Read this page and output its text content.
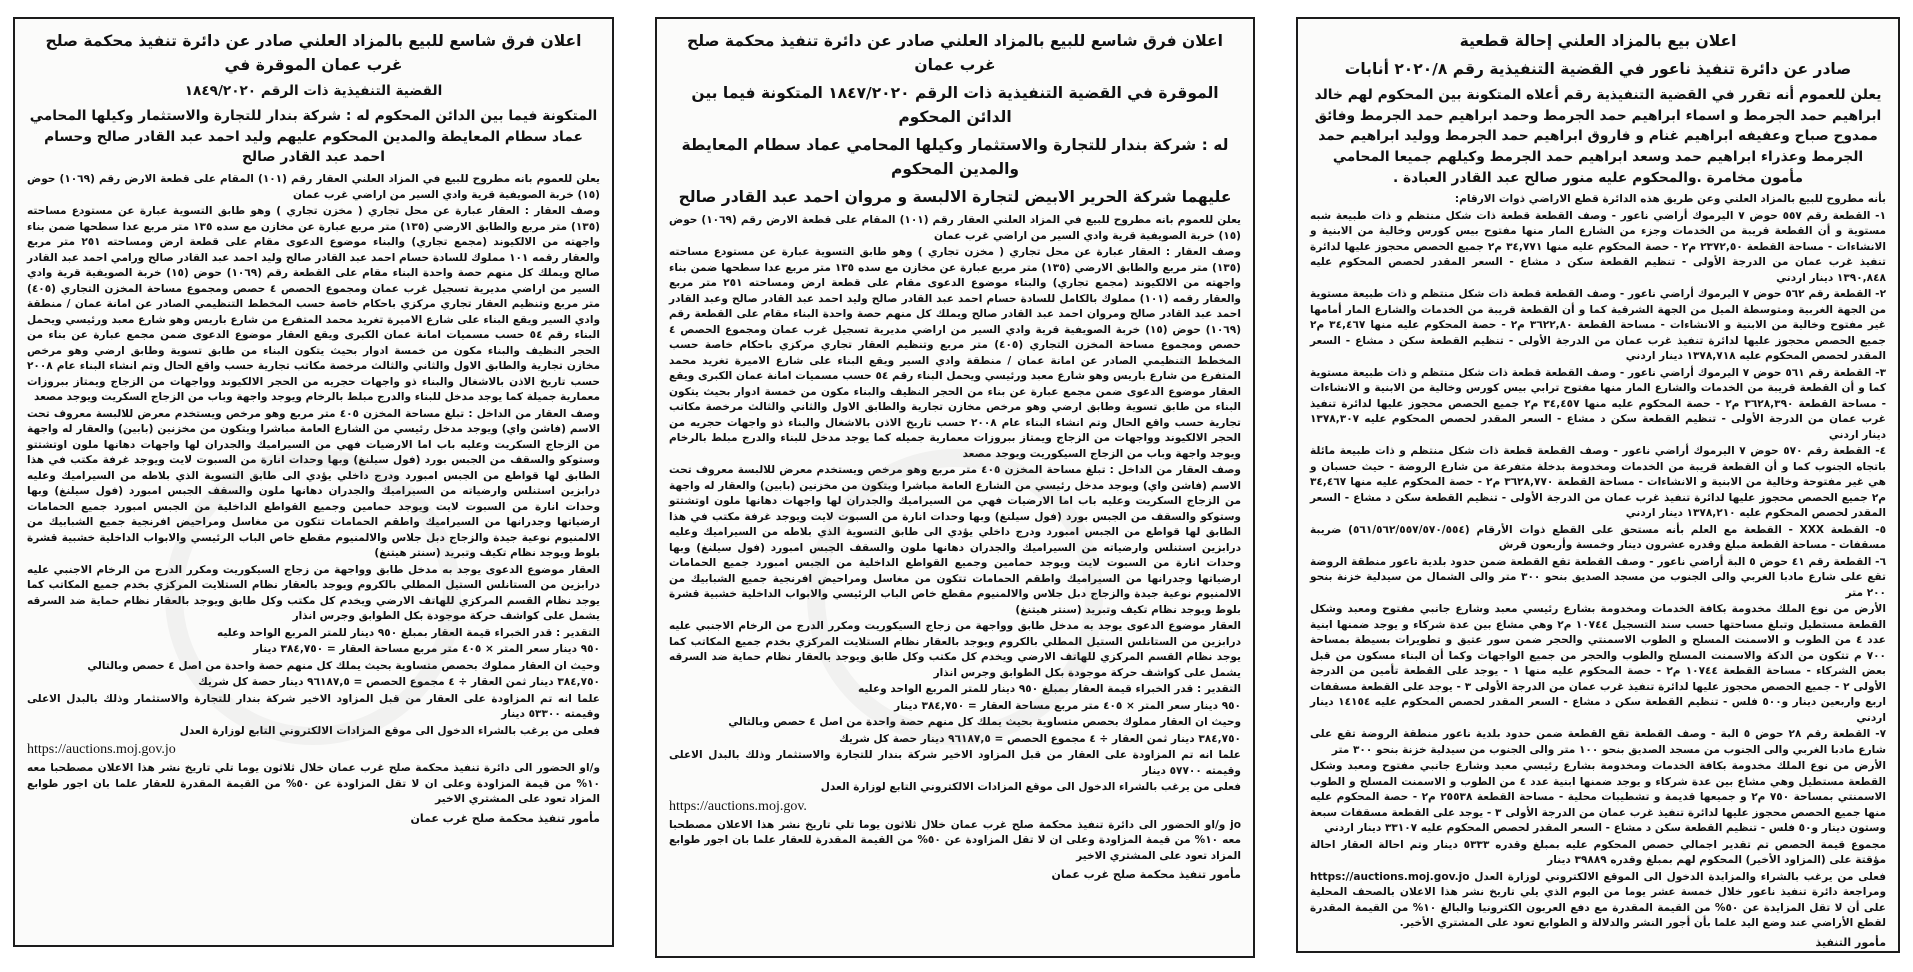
اعلان فرق شاسع للبيع بالمزاد العلني صادر عن دائرة تنفيذ محكمة صلح غرب عمان الموقرة في
القضية التنفيذية ذات الرقم ١٨٤٩/٢٠٢٠
المتكونة فيما بين الدائن المحكوم له : شركة بندار للتجارة والاستثمار وكيلها المحامي عماد سطام المعايطة والمدين المحكوم عليهم وليد احمد عبد القادر صالح وحسام احمد عبد القادر صالح

يعلن للعموم بانه مطروح للبيع في المزاد العلني العقار رقم (١٠١) المقام على قطعة الارض رقم (١٠٦٩) حوض (١٥) خربة الصويفية قرية وادي السير من اراضي غرب عمان

وصف العقار : العقار عبارة عن محل تجاري ( مخزن تجاري ) وهو طابق التسوية عبارة عن مستودع مساحته (١٣٥) متر مربع والطابق الارضي (١٣٥) متر مربع عبارة عن مخازن مع سده ١٣٥ متر مربع عدا سطحها ضمن بناء واجهته من الالكيوند (مجمع تجاري) والبناء موضوع الدعوى مقام على قطعة ارض ومساحته ٢٥١ متر مربع والعقار رقمه ١٠١ مملوك للسادة حسام احمد عبد القادر صالح وليد احمد عبد القادر صالح ورامي احمد عبد القادر صالح ويملك كل منهم حصة واحدة البناء مقام على القطعة رقم (١٠٦٩) حوض (١٥) خربة الصويفية قرية وادي السير من اراضي مديرية تسجيل غرب عمان ومجموع الحصص ٤ حصص ومجموع مساحة المخزن التجاري (٤٠٥) متر مربع وتنظيم العقار تجاري مركزي باحكام خاصة حسب المخطط التنظيمي الصادر عن امانة عمان / منطقة وادي السير ويقع البناء على شارع الاميرة تغريد محمد المتفرع من شارع باريس وهو شارع معبد ورئيسي ويحمل البناء رقم ٥٤ حسب مسميات امانة عمان الكبرى ويقع العقار موضوع الدعوى ضمن مجمع عبارة عن بناء من الحجر النظيف والبناء مكون من خمسة ادوار بحيث يتكون البناء من طابق تسوية وطابق ارضي وهو مرخص مخازن تجارية والطابق الاول والثاني والثالث مرخصة مكاتب تجارية حسب واقع الحال وتم انشاء البناء عام ٢٠٠٨ حسب تاريخ الاذن بالاشغال والبناء ذو واجهات حجريه من الحجر الالكيوند وواجهات من الزجاج ويمتاز ببروزات معمارية جميلة كما يوجد مدخل للبناء والدرج مبلط بالرخام ويوجد واجهة وباب من الزجاج السكريت ويوجد مصعد

وصف العقار من الداخل : تبلغ مساحة المخزن ٤٠٥ متر مربع وهو مرخص ويستخدم معرض للالبسة معروف تحت الاسم (فاشن واي) ويوجد مدخل رئيسي من الشارع العامة مباشرا ويتكون من مخزنين (بابين) والعقار له واجهة من الزجاج السكريت وعليه باب اما الارضيات فهي من السيراميك والجدران لها واجهات دهانها ملون اوتشتتو وستوكو والسقف من الجبس بورد (فول سيلنغ) وبها وحدات انارة من السبوت لايت ويوجد غرفة مكتب في هذا الطابق لها قواطع من الجبس امبورد ودرج داخلي يؤدي الى طابق التسوية الذي بلاطه من السيراميك وعليه درابزين استنلس وارضياته من السيراميك والجدران دهانها ملون والسقف الجبس امبورد (فول سيلنغ) وبها وحدات انارة من السبوت لايت ويوجد حمامين وجميع القواطع الداخلية من الجبس امبورد جميع الحمامات ارضياتها وجدرانها من السيراميك واطقم الحمامات تتكون من مغاسل ومراحيض افرنجية جميع الشبابيك من الالمنيوم نوعية جيدة والزجاج دبل جلاس والالمنيوم مقطع خاص الباب الرئيسي والابواب الداخلية خشبية قشرة بلوط ويوجد نظام تكيف وتبريد (سنتر هيتنغ)

العقار موضوع الدعوى يوجد به مدخل طابق وواجهة من زجاج السيكوريت ومكرر الدرج من الرخام الاجنبي عليه درابزين من الستانلس الستيل المطلي بالكروم ويوجد بالعقار نظام الستلايت المركزي بخدم جميع المكاتب كما يوجد نظام القسم المركزي للهاتف الارضي ويخدم كل مكتب وكل طابق ويوجد بالعقار نظام حماية ضد السرقه يشمل على كواشف حركة موجودة بكل الطوابق وجرس انذار

التقدير : قدر الخبراء قيمة العقار بمبلغ ٩٥٠ دينار للمتر المربع الواحد وعليه

٩٥٠ دينار سعر المتر × ٤٠٥ متر مربع مساحة العقار = ٣٨٤,٧٥٠ دينار

وحيث ان العقار مملوك بحصص متساوية بحيث يملك كل منهم حصة واحدة من اصل ٤ حصص وبالتالي

٣٨٤,٧٥٠ دينار ثمن العقار ÷ ٤ مجموع الحصص = ٩٦١٨٧,٥ دينار حصة كل شريك

علما انه تم المزاودة على العقار من قبل المزاود الاخير شركة بندار للتجارة والاستثمار وذلك بالبدل الاعلى وقيمته ٥٣٣٠٠ دينار

فعلى من يرغب بالشراء الدخول الى موقع المزادات الالكتروني التابع لوزارة العدل

https://auctions.moj.gov.jo

و/او الحضور الى دائرة تنفيذ محكمة صلح غرب عمان خلال ثلاثون يوما تلي تاريخ نشر هذا الاعلان مصطحبا معه ١٠% من قيمة المزاودة وعلى ان لا تقل المزاودة عن ٥٠% من القيمة المقدرة للعقار علما بان اجور طوابع المزاد تعود على المشتري الاخير

مأمور تنفيذ محكمة صلح غرب عمان
اعلان فرق شاسع للبيع بالمزاد العلني صادر عن دائرة تنفيذ محكمة صلح غرب عمان
الموقرة في القضية التنفيذية ذات الرقم ١٨٤٧/٢٠٢٠ المتكونة فيما بين الدائن المحكوم
له : شركة بندار للتجارة والاستثمار وكيلها المحامي عماد سطام المعايطة والمدين المحكوم
عليهما شركة الحرير الابيض لتجارة الالبسة و مروان احمد عبد القادر صالح

يعلن للعموم بانه مطروح للبيع في المزاد العلني العقار رقم (١٠١) المقام على قطعة الارض رقم (١٠٦٩) حوض (١٥) خربة الصويفية قرية وادي السير من اراضي غرب عمان

وصف العقار : العقار عبارة عن محل تجاري ( مخزن تجاري ) وهو طابق التسوية عبارة عن مستودع مساحته (١٣٥) متر مربع والطابق الارضي (١٣٥) متر مربع عبارة عن مخازن مع سده ١٣٥ متر مربع عدا سطحها ضمن بناء واجهته من الالكيوند (مجمع تجاري) والبناء موضوع الدعوى مقام على قطعة ارض ومساحته ٢٥١ متر مربع والعقار رقمه (١٠١) مملوك بالكامل للسادة حسام احمد عبد القادر صالح وليد احمد عبد القادر صالح وعبد القادر احمد عبد القادر صالح ومروان احمد عبد القادر صالح ويملك كل منهم حصة واحدة البناء مقام على القطعة رقم (١٠٦٩) حوض (١٥) خربة الصويفية قرية وادي السير من اراضي مديرية تسجيل غرب عمان ومجموع الحصص ٤ حصص ومجموع مساحة المخزن التجاري (٤٠٥) متر مربع وتنظيم العقار تجاري مركزي باحكام خاصة حسب المخطط التنظيمي الصادر عن امانة عمان / منطقة وادي السير ويقع البناء على شارع الاميرة تغريد محمد المتفرع من شارع باريس وهو شارع معبد ورئيسي ويحمل البناء رقم ٥٤ حسب مسميات امانة عمان الكبرى ويقع العقار موضوع الدعوى ضمن مجمع عبارة عن بناء من الحجر النظيف والبناء مكون من خمسة ادوار بحيث يتكون البناء من طابق تسوية وطابق ارضي وهو مرخص مخازن تجارية والطابق الاول والثاني والثالث مرخصة مكاتب تجارية حسب واقع الحال وتم انشاء البناء عام ٢٠٠٨ حسب تاريخ الاذن بالاشغال والبناء ذو واجهات حجريه من الحجر الالكيوند وواجهات من الزجاج ويمتاز ببروزات معمارية جميله كما يوجد مدخل للبناء والدرج مبلط بالرخام ويوجد واجهة وباب من الزجاج السيكوريت ويوجد مصعد

وصف العقار من الداخل : تبلغ مساحة المخزن ٤٠٥ متر مربع وهو مرخص ويستخدم معرض للالبسة معروف تحت الاسم (فاشن واي) ويوجد مدخل رئيسي من الشارع العامة مباشرا ويتكون من مخزنين (بابين) والعقار له واجهة من الزجاج السكريت وعليه باب اما الارضيات فهي من السيراميك والجدران لها واجهات دهانها ملون اوتشتتو وستوكو والسقف من الجبس بورد (فول سيلنغ) وبها وحدات انارة من السبوت لايت ويوجد غرفة مكتب في هذا الطابق لها قواطع من الجبس امبورد ودرج داخلي يؤدي الى طابق التسوية الذي بلاطه من السيراميك وعليه درابزين استنلس وارضياته من السيراميك والجدران دهانها ملون والسقف الجبس امبورد (فول سيلنغ) وبها وحدات انارة من السبوت لايت ويوجد حمامين وجميع القواطع الداخلية من الجبس امبورد جميع الحمامات ارضياتها وجدرانها من السيراميك واطقم الحمامات تتكون من مغاسل ومراحيض افرنجية جميع الشبابيك من الالمنيوم نوعية جيدة والزجاج دبل جلاس والالمنيوم مقطع خاص الباب الرئيسي والابواب الداخلية خشبية قشرة بلوط ويوجد نظام تكيف وتبريد (سنتر هيتنغ)

العقار موضوع الدعوى يوجد به مدخل طابق وواجهة من زجاج السيكوريت ومكرر الدرج من الرخام الاجنبي عليه درابزين من الستانلس الستيل المطلي بالكروم ويوجد بالعقار نظام الستلايت المركزي بخدم جميع المكاتب كما يوجد نظام القسم المركزي للهاتف الارضي ويخدم كل مكتب وكل طابق ويوجد بالعقار نظام حماية ضد السرقه يشمل على كواشف حركة موجودة بكل الطوابق وجرس انذار

التقدير : قدر الخبراء قيمة العقار بمبلغ ٩٥٠ دينار للمتر المربع الواحد وعليه

٩٥٠ دينار سعر المتر × ٤٠٥ متر مربع مساحة العقار = ٣٨٤,٧٥٠ دينار

وحيث ان العقار مملوك بحصص متساوية بحيث يملك كل منهم حصة واحدة من اصل ٤ حصص وبالتالي

٣٨٤,٧٥٠ دينار ثمن العقار ÷ ٤ مجموع الحصص = ٩٦١٨٧,٥ دينار حصة كل شريك

علما انه تم المزاودة على العقار من قبل المزاود الاخير شركة بندار للتجارة والاستثمار وذلك بالبدل الاعلى وقيمته ٥٧٧٠٠ دينار

فعلى من يرغب بالشراء الدخول الى موقع المزادات الالكتروني التابع لوزارة العدل

https://auctions.moj.gov.

jo و/او الحضور الى دائرة تنفيذ محكمة صلح غرب عمان خلال ثلاثون يوما تلي تاريخ نشر هذا الاعلان مصطحبا معه ١٠% من قيمة المزاودة وعلى ان لا تقل المزاودة عن ٥٠% من القيمة المقدرة للعقار علما بان اجور طوابع المزاد تعود على المشتري الاخير

مأمور تنفيذ محكمة صلح غرب عمان
اعلان بيع بالمزاد العلني إحالة قطعية
صادر عن دائرة تنفيذ ناعور في القضية التنفيذية رقم ٢٠٢٠/٨ أنابات
يعلن للعموم أنه تقرر في القضية التنفيذية رقم أعلاه المتكونة بين المحكوم لهم خالد ابراهيم حمد الجرمط و اسماء ابراهيم حمد الجرمط وحمد ابراهيم حمد الجرمط وفائق ممدوح صباح وعفيفه ابراهيم غنام و فاروق ابراهيم حمد الجرمط ووليد ابراهيم حمد الجرمط وعذراء ابراهيم حمد وسعد ابراهيم حمد الجرمط وكيلهم جميعا المحامي مأمون مخامرة .والمحكوم عليه منور صالح عبد القادر العبادة .

بأنه مطروح للبيع بالمزاد العلني وعن طريق هذه الدائرة قطع الاراضي ذوات الارقام:

١- القطعة رقم ٥٥٧ حوض ٧ اليرموك أراضي ناعور - وصف القطعة قطعة ذات شكل منتظم و ذات طبيعة شبه مستوية و أن القطعة قريبة من الخدمات وجزء من الشارع المار منها مفتوح بيس كورس وخالية من الابنية و الانشاءات - مساحة القطعة ٢٣٧٢,٥٠ م٢ - حصة المحكوم عليه منها ٣٤,٧٧١ م٢ جميع الحصص محجوز عليها لدائرة تنفيذ غرب عمان من الدرجة الأولى - تنظيم القطعة سكن د مشاع - السعر المقدر لحصص المحكوم عليه ١٣٩٠,٨٤٨ دينار اردني

٢- القطعة رقم ٥٦٢ حوض ٧ اليرموك أراضي ناعور - وصف القطعة قطعة ذات شكل منتظم و ذات طبيعة مستوية من الجهة الغربية ومتوسطة الميل من الجهة الشرقية كما و أن القطعة قريبة من الخدمات والشارع المار أمامها غير مفتوح وخالية من الابنية و الانشاءات - مساحة القطعة ٣٦٢٢,٨٠ م٢ - حصة المحكوم عليه منها ٣٤,٤٦٧ م٢ جميع الحصص محجوز عليها لدائرة تنفيذ غرب عمان من الدرجة الأولى - تنظيم القطعة سكن د مشاع - السعر المقدر لحصص المحكوم عليه ١٣٧٨,٧١٨ دينار اردني

٣- القطعة رقم ٥٦١ حوض ٧ اليرموك أراضي ناعور - وصف القطعة قطعة ذات شكل منتظم و ذات طبيعة مستوية كما و أن القطعة قريبة من الخدمات والشارع المار منها مفتوح ترابي بيس كورس وخالية من الابنية و الانشاءات - مساحة القطعة ٣٦٢٨,٣٩٠ م٢ - حصة المحكوم عليه منها ٣٤,٤٥٧ م٢ جميع الحصص محجوز عليها لدائرة تنفيذ غرب عمان من الدرجة الأولى - تنظيم القطعة سكن د مشاع - السعر المقدر لحصص المحكوم عليه ١٣٧٨,٣٠٧ دينار اردني

٤- القطعة رقم ٥٧٠ حوض ٧ اليرموك أراضي ناعور - وصف القطعة قطعة ذات شكل منتظم و ذات طبيعة مائلة باتجاه الجنوب كما و أن القطعة قريبة من الخدمات ومخدومة بدخلة متفرعة من شارع الروضة - حيث حسبان و هي غير مفتوحة وخالية من الابنية و الانشاءات - مساحة القطعة ٣٦٢٨,٧٧٠ م٢ - حصة المحكوم عليه منها ٣٤,٤٦٧ م٢ جميع الحصص محجوز عليها لدائرة تنفيذ غرب عمان من الدرجة الأولى - تنظيم القطعة سكن د مشاع - السعر المقدر لحصص المحكوم عليه ١٣٧٨,٢١٠ دينار اردني

٥- القطعة XXX - القطعة مع العلم بأنه مستحق على القطع ذوات الأرقام (٥٦١/٥٦٢/٥٥٧/٥٧٠/٥٥٤) ضريبة مسقفات - مساحة القطعة مبلغ وقدره عشرون دينار وخمسة وأربعون قرش

٦- القطعة رقم ٤١ حوض ٥ البة أراضي ناعور - وصف القطعة تقع القطعة ضمن حدود بلدية ناعور منطقة الروضة تقع على شارع مادبا الغربي والى الجنوب من مسجد الصديق بنحو ٣٠٠ متر والى الشمال من سيدلية خزنة بنحو ٢٠٠ متر

الأرض من نوع الملك مخدومة بكافة الخدمات ومخدومة بشارع رئيسي معبد وشارع جانبي مفتوح ومعبد وشكل القطعة مستطيل وتبلغ مساحتها حسب سند التسجيل ١٠٧٤٤ م٢ وهي مشاع بين عدة شركاء و يوجد ضمنها ابنية عدد ٤ من الطوب و الاسمنت المسلح و الطوب الاسمنتي والحجر ضمن سور عتيق و تطويرات بسيطة بمساحة ٧٠٠ م تتكون من الدكة والاسمنت المسلح والطوب والحجر من جميع الواجهات وكما أن البناء مسكون من قبل بعض الشركاء - مساحة القطعة ١٠٧٤٤ م٢ - حصة المحكوم عليه منها ١ - يوجد على القطعة تأمين من الدرجة الأولى ٢ - جميع الحصص محجوز عليها لدائرة تنفيذ غرب عمان من الدرجة الأولى ٣ - يوجد على القطعة مسقفات اربع واربعين دينار و٥٠٠ فلس - تنظيم القطعة سكن د مشاع - السعر المقدر لحصص المحكوم عليه ١٤١٥٤ دينار اردني

٧- القطعة رقم ٢٨ حوض ٥ البة - وصف القطعة تقع القطعة ضمن حدود بلدية ناعور منطقة الروضة تقع على شارع مادبا الغربي والى الجنوب من مسجد الصديق بنحو ١٠٠ متر والى الجنوب من سيدلية خزنة بنحو ٣٠٠ متر

الأرض من نوع الملك مخدومة بكافة الخدمات ومخدومة بشارع رئيسي معبد وشارع جانبي مفتوح ومعبد وشكل القطعة مستطيل وهي مشاع بين عدة شركاء و يوجد ضمنها ابنية عدد ٤ من الطوب و الاسمنت المسلح و الطوب الاسمنتي بمساحة ٧٥٠ م٢ و جميعها قديمة و تشطيبات محلية - مساحة القطعة ٢٥٥٣٨ م٢ - حصة المحكوم عليه منها جميع الحصص محجوز عليها لدائرة تنفيذ غرب عمان من الدرجة الأولى ٣ - يوجد على القطعة مسقفات سبعة وستون دينار و٥٠ فلس - تنظيم القطعة سكن د مشاع - السعر المقدر لحصص المحكوم عليه ٣٣١٠٧ دينار اردني

مجموع قيمة الحصص تم تقدير اجمالي حصص المحكوم عليه بمبلغ وقدره ٥٣٣٣ دينار وتم احالة العقار احالة مؤقتة على (المزاود الأخير) المحكوم لهم بمبلغ وقدره ٣٩٨٨٩ دينار

فعلى من يرغب بالشراء والمزايدة الدخول الى الموقع الالكتروني لوزارة العدل https://auctions.moj.gov.jo ومراجعة دائرة تنفيذ ناعور خلال خمسة عشر يوما من اليوم الذي يلي تاريخ نشر هذا الاعلان بالصحف المحلية على أن لا تقل المزايدة عن ٥٠% من القيمة المقدرة مع دفع العربون الكترونيا والبالغ ١٠% من القيمة المقدرة لقطع الأراضي عند وضع اليد علما بأن أجور النشر والدلالة و الطوابع تعود على المشتري الأخير.

مأمور التنفيذ
